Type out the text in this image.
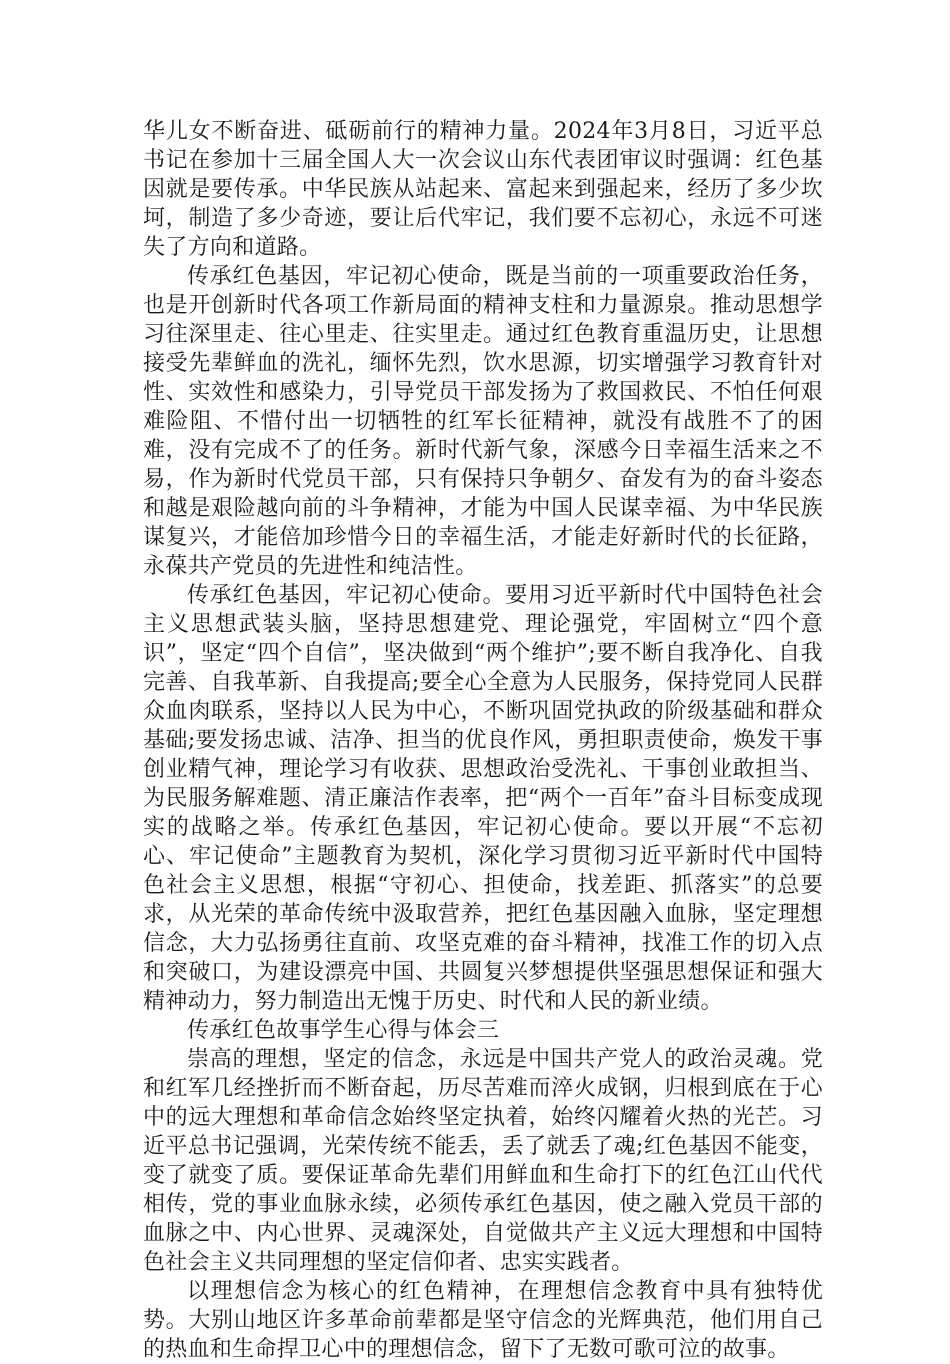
华儿女不断奋进、砥砺前行的精神力量。2024年3月8日，习近平总书记在参加十三届全国人大一次会议山东代表团审议时强调：红色基因就是要传承。中华民族从站起来、富起来到强起来，经历了多少坎坷，制造了多少奇迹，要让后代牢记，我们要不忘初心，永远不可迷失了方向和道路。

传承红色基因，牢记初心使命，既是当前的一项重要政治任务，也是开创新时代各项工作新局面的精神支柱和力量源泉。推动思想学习往深里走、往心里走、往实里走。通过红色教育重温历史，让思想接受先辈鲜血的洗礼，缅怀先烈，饮水思源，切实增强学习教育针对性、实效性和感染力，引导党员干部发扬为了救国救民、不怕任何艰难险阻、不惜付出一切牺牲的红军长征精神，就没有战胜不了的困难，没有完成不了的任务。新时代新气象，深感今日幸福生活来之不易，作为新时代党员干部，只有保持只争朝夕、奋发有为的奋斗姿态和越是艰险越向前的斗争精神，才能为中国人民谋幸福、为中华民族谋复兴，才能倍加珍惜今日的幸福生活，才能走好新时代的长征路，永葆共产党员的先进性和纯洁性。

传承红色基因，牢记初心使命。要用习近平新时代中国特色社会主义思想武装头脑，坚持思想建党、理论强党，牢固树立“四个意识”，坚定“四个自信”，坚决做到“两个维护”;要不断自我净化、自我完善、自我革新、自我提高;要全心全意为人民服务，保持党同人民群众血肉联系，坚持以人民为中心，不断巩固党执政的阶级基础和群众基础;要发扬忠诚、洁净、担当的优良作风，勇担职责使命，焕发干事创业精气神，理论学习有收获、思想政治受洗礼、干事创业敢担当、为民服务解难题、清正廉洁作表率，把“两个一百年”奋斗目标变成现实的战略之举。传承红色基因，牢记初心使命。要以开展“不忘初心、牢记使命”主题教育为契机，深化学习贯彻习近平新时代中国特色社会主义思想，根据“守初心、担使命，找差距、抓落实”的总要求，从光荣的革命传统中汲取营养，把红色基因融入血脉，坚定理想信念，大力弘扬勇往直前、攻坚克难的奋斗精神，找准工作的切入点和突破口，为建设漂亮中国、共圆复兴梦想提供坚强思想保证和强大精神动力，努力制造出无愧于历史、时代和人民的新业绩。

传承红色故事学生心得与体会三

崇高的理想，坚定的信念，永远是中国共产党人的政治灵魂。党和红军几经挫折而不断奋起，历尽苦难而淬火成钢，归根到底在于心中的远大理想和革命信念始终坚定执着，始终闪耀着火热的光芒。习近平总书记强调，光荣传统不能丢，丢了就丢了魂;红色基因不能变，变了就变了质。要保证革命先辈们用鲜血和生命打下的红色江山代代相传，党的事业血脉永续，必须传承红色基因，使之融入党员干部的血脉之中、内心世界、灵魂深处，自觉做共产主义远大理想和中国特色社会主义共同理想的坚定信仰者、忠实实践者。

以理想信念为核心的红色精神，在理想信念教育中具有独特优势。大别山地区许多革命前辈都是坚守信念的光辉典范，他们用自己的热血和生命捍卫心中的理想信念，留下了无数可歌可泣的故事。
